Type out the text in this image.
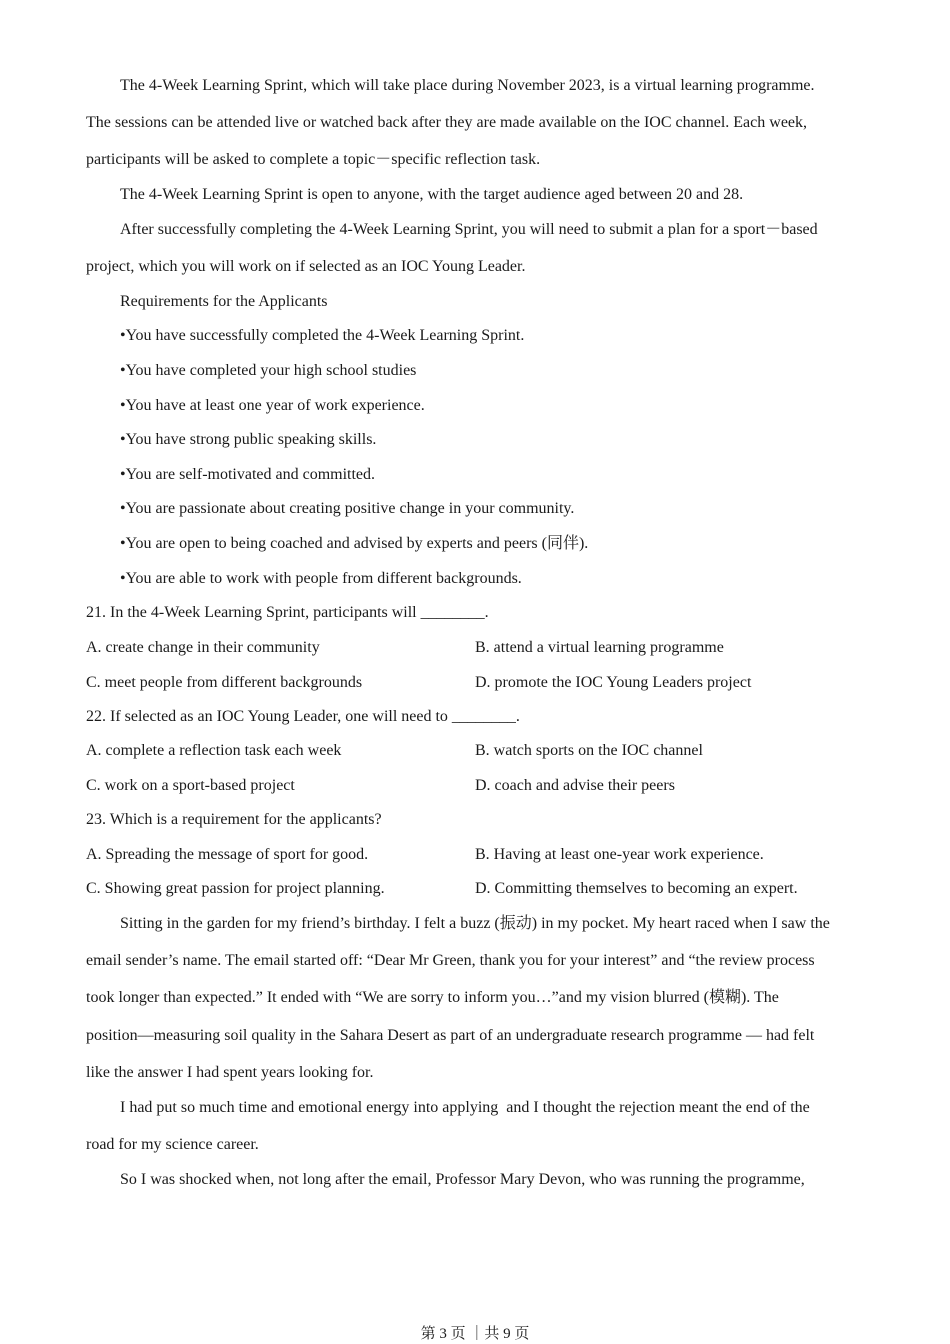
The 4-Week Learning Sprint, which will take place during November 2023, is a virtual learning programme.
The sessions can be attended live or watched back after they are made available on the IOC channel. Each week,
participants will be asked to complete a topic－specific reflection task.
The 4-Week Learning Sprint is open to anyone, with the target audience aged between 20 and 28.
After successfully completing the 4-Week Learning Sprint, you will need to submit a plan for a sport－based
project, which you will work on if selected as an IOC Young Leader.
Requirements for the Applicants
•You have successfully completed the 4-Week Learning Sprint.
•You have completed your high school studies
•You have at least one year of work experience.
•You have strong public speaking skills.
•You are self-motivated and committed.
•You are passionate about creating positive change in your community.
•You are open to being coached and advised by experts and peers (同伴).
•You are able to work with people from different backgrounds.
21. In the 4-Week Learning Sprint, participants will ________.
A. create change in their community	B. attend a virtual learning programme
C. meet people from different backgrounds	D. promote the IOC Young Leaders project
22. If selected as an IOC Young Leader, one will need to ________.
A. complete a reflection task each week	B. watch sports on the IOC channel
C. work on a sport-based project	D. coach and advise their peers
23. Which is a requirement for the applicants?
A. Spreading the message of sport for good.	B. Having at least one-year work experience.
C. Showing great passion for project planning.	D. Committing themselves to becoming an expert.
Sitting in the garden for my friend’s birthday. I felt a buzz (振动) in my pocket. My heart raced when I saw the
email sender’s name. The email started off: “Dear Mr Green, thank you for your interest” and “the review process
took longer than expected.” It ended with “We are sorry to inform you…”and my vision blurred (模糊). The
position—measuring soil quality in the Sahara Desert as part of an undergraduate research programme — had felt
like the answer I had spent years looking for.
I had put so much time and emotional energy into applying  and I thought the rejection meant the end of the
road for my science career.
So I was shocked when, not long after the email, Professor Mary Devon, who was running the programme,
第 3 页 ｜共 9 页
